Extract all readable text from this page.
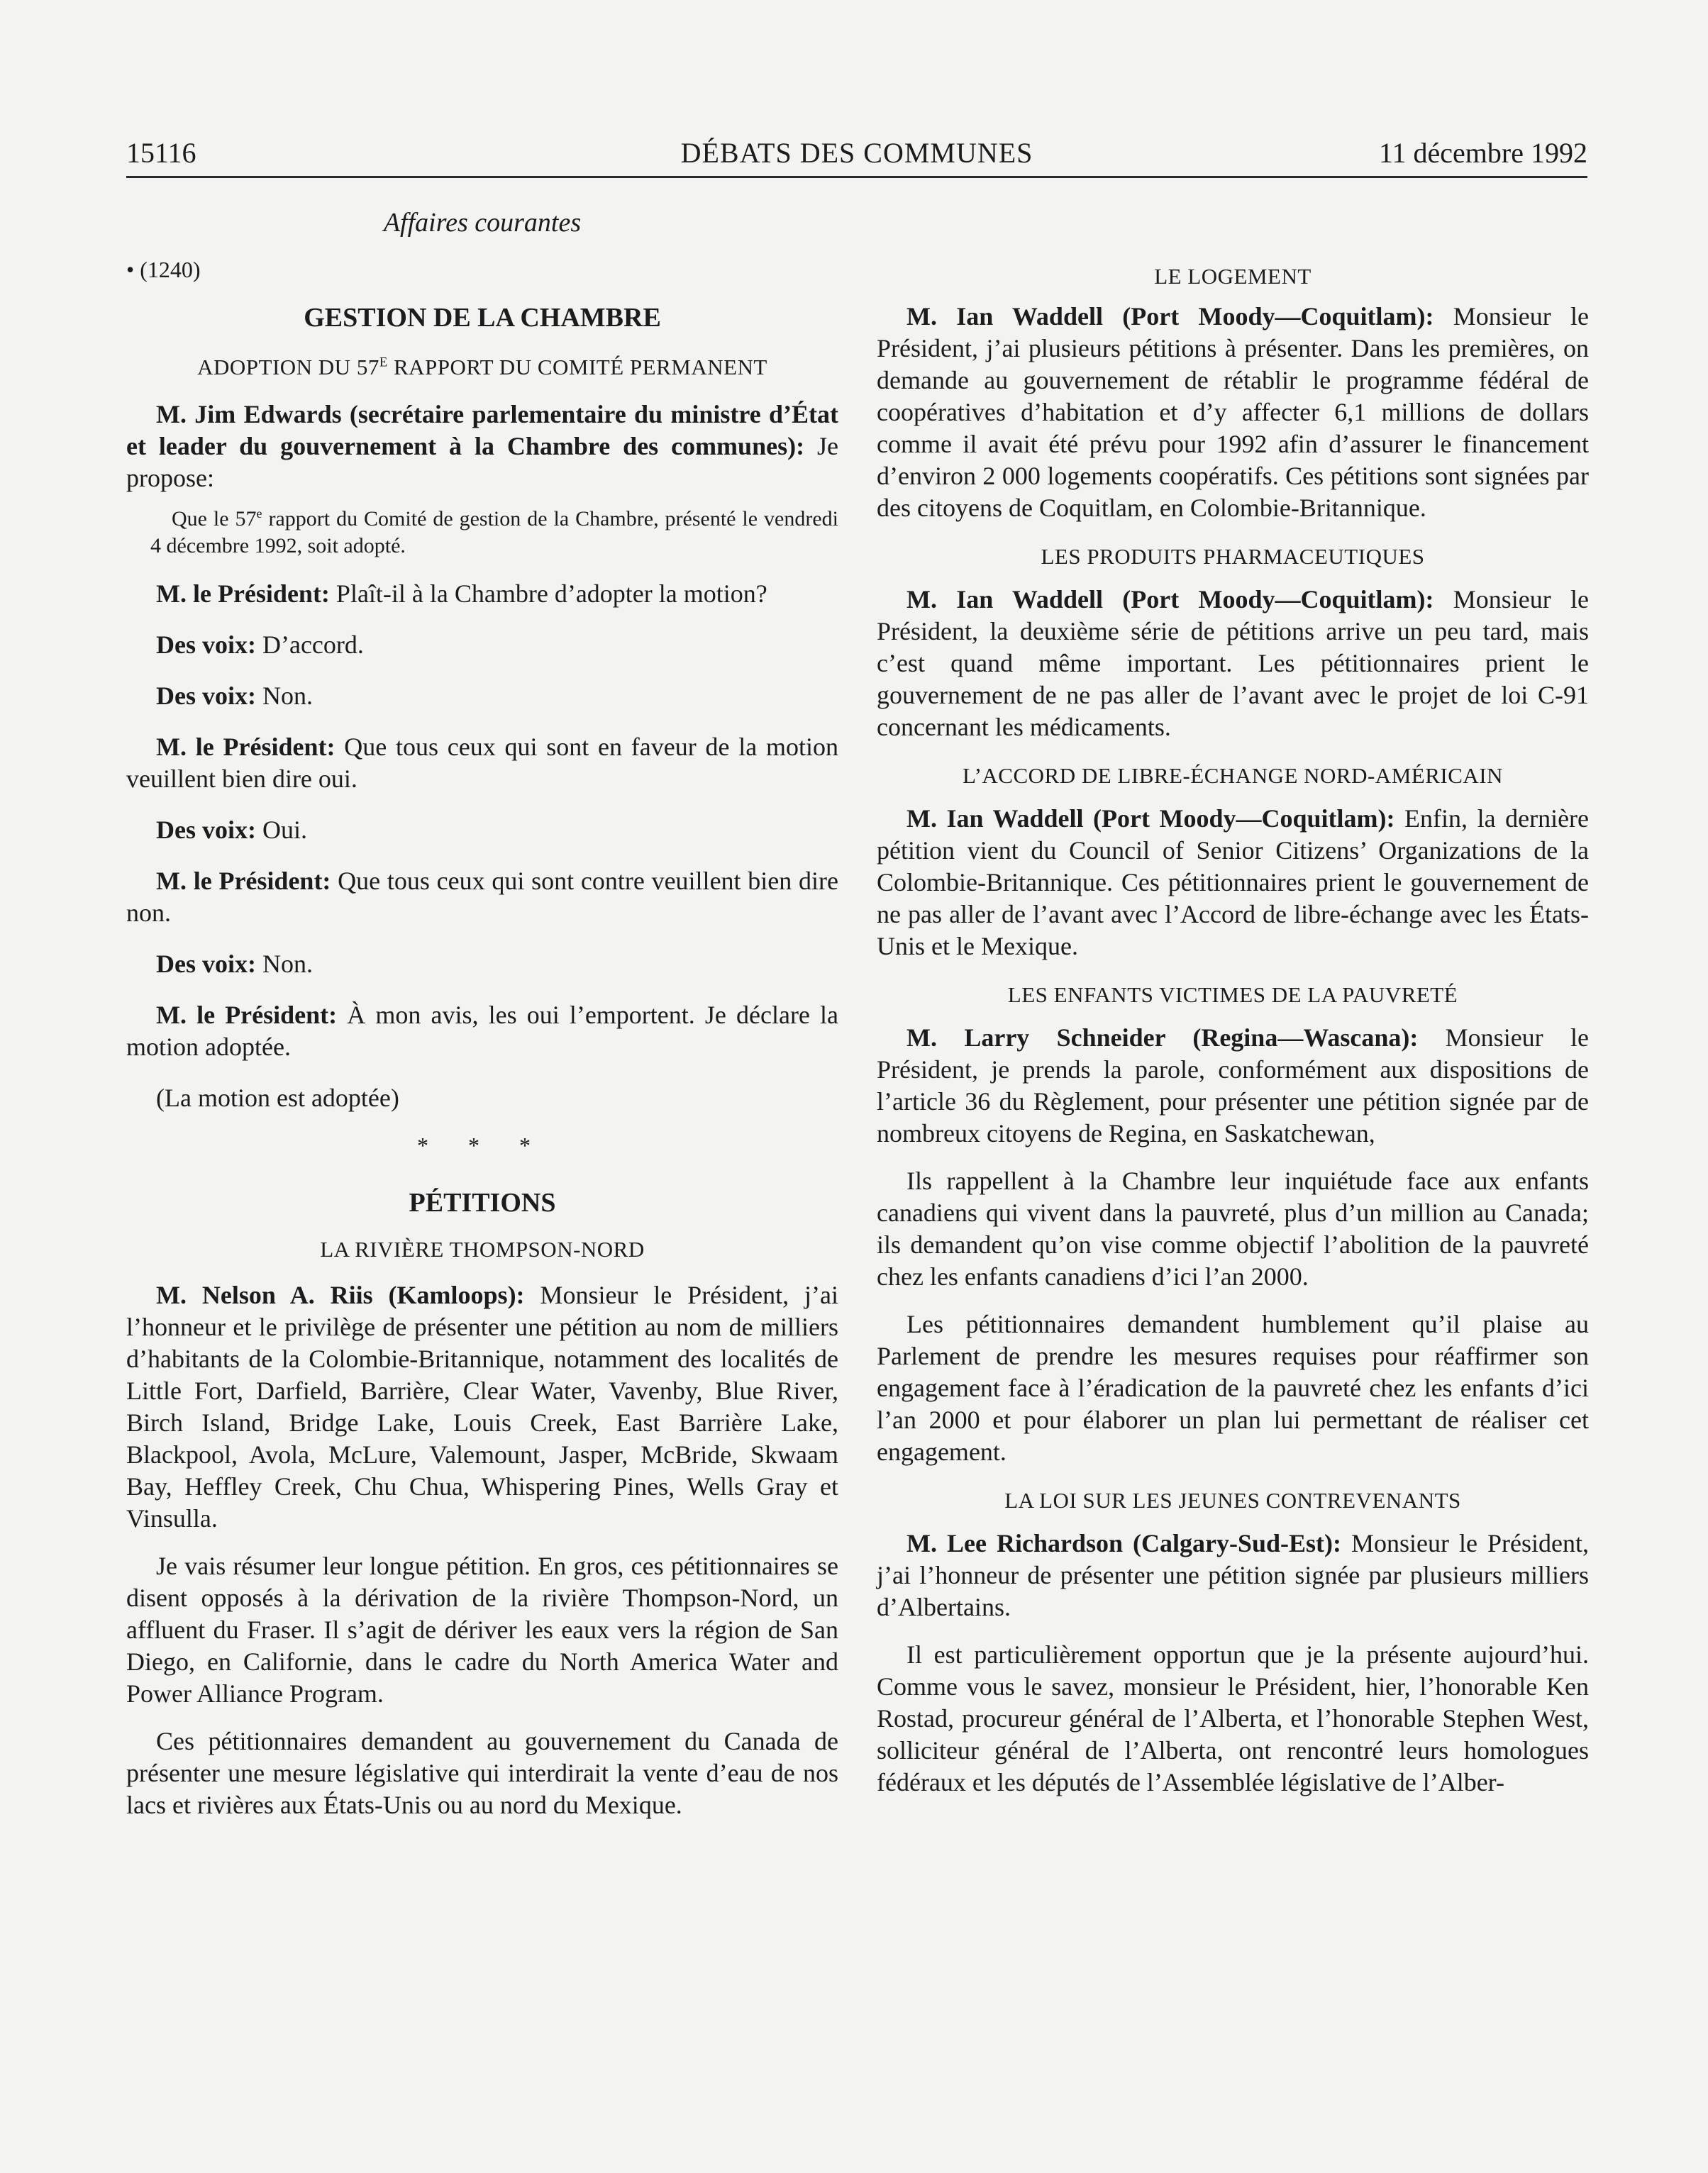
15116	DÉBATS DES COMMUNES	11 décembre 1992

Affaires courantes

• (1240)

GESTION DE LA CHAMBRE

ADOPTION DU $57^E$ RAPPORT DU COMITÉ PERMANENT

M. Jim Edwards (secrétaire parlementaire du ministre d’État et leader du gouvernement à la Chambre des communes): Je propose:

Que le 57e rapport du Comité de gestion de la Chambre, présenté le vendredi 4 décembre 1992, soit adopté.

M. le Président: Plaît-il à la Chambre d’adopter la motion?

Des voix: D’accord.

Des voix: Non.

M. le Président: Que tous ceux qui sont en faveur de la motion veuillent bien dire oui.

Des voix: Oui.

M. le Président: Que tous ceux qui sont contre veuillent bien dire non.

Des voix: Non.

M. le Président: À mon avis, les oui l’emportent. Je déclare la motion adoptée.

(La motion est adoptée)

* * *

PÉTITIONS

LA RIVIÈRE THOMPSON-NORD

M. Nelson A. Riis (Kamloops): Monsieur le Président, j’ai l’honneur et le privilège de présenter une pétition au nom de milliers d’habitants de la Colombie-Britannique, notamment des localités de Little Fort, Darfield, Barrière, Clear Water, Vavenby, Blue River, Birch Island, Bridge Lake, Louis Creek, East Barrière Lake, Blackpool, Avola, McLure, Valemount, Jasper, McBride, Skwaam Bay, Heffley Creek, Chu Chua, Whispering Pines, Wells Gray et Vinsulla.

Je vais résumer leur longue pétition. En gros, ces pétitionnaires se disent opposés à la dérivation de la rivière Thompson-Nord, un affluent du Fraser. Il s’agit de dériver les eaux vers la région de San Diego, en Californie, dans le cadre du North America Water and Power Alliance Program.

Ces pétitionnaires demandent au gouvernement du Canada de présenter une mesure législative qui interdirait la vente d’eau de nos lacs et rivières aux États-Unis ou au nord du Mexique.

LE LOGEMENT

M. Ian Waddell (Port Moody—Coquitlam): Monsieur le Président, j’ai plusieurs pétitions à présenter. Dans les premières, on demande au gouvernement de rétablir le programme fédéral de coopératives d’habitation et d’y affecter 6,1 millions de dollars comme il avait été prévu pour 1992 afin d’assurer le financement d’environ 2 000 logements coopératifs. Ces pétitions sont signées par des citoyens de Coquitlam, en Colombie-Britannique.

LES PRODUITS PHARMACEUTIQUES

M. Ian Waddell (Port Moody—Coquitlam): Monsieur le Président, la deuxième série de pétitions arrive un peu tard, mais c’est quand même important. Les pétitionnaires prient le gouvernement de ne pas aller de l’avant avec le projet de loi C-91 concernant les médicaments.

L’ACCORD DE LIBRE-ÉCHANGE NORD-AMÉRICAIN

M. Ian Waddell (Port Moody—Coquitlam): Enfin, la dernière pétition vient du Council of Senior Citizens’ Organizations de la Colombie-Britannique. Ces pétitionnaires prient le gouvernement de ne pas aller de l’avant avec l’Accord de libre-échange avec les États-Unis et le Mexique.

LES ENFANTS VICTIMES DE LA PAUVRETÉ

M. Larry Schneider (Regina—Wascana): Monsieur le Président, je prends la parole, conformément aux dispositions de l’article 36 du Règlement, pour présenter une pétition signée par de nombreux citoyens de Regina, en Saskatchewan,

Ils rappellent à la Chambre leur inquiétude face aux enfants canadiens qui vivent dans la pauvreté, plus d’un million au Canada; ils demandent qu’on vise comme objectif l’abolition de la pauvreté chez les enfants canadiens d’ici l’an 2000.

Les pétitionnaires demandent humblement qu’il plaise au Parlement de prendre les mesures requises pour réaffirmer son engagement face à l’éradication de la pauvreté chez les enfants d’ici l’an 2000 et pour élaborer un plan lui permettant de réaliser cet engagement.

LA LOI SUR LES JEUNES CONTREVENANTS

M. Lee Richardson (Calgary-Sud-Est): Monsieur le Président, j’ai l’honneur de présenter une pétition signée par plusieurs milliers d’Albertains.

Il est particulièrement opportun que je la présente aujourd’hui. Comme vous le savez, monsieur le Président, hier, l’honorable Ken Rostad, procureur général de l’Alberta, et l’honorable Stephen West, solliciteur général de l’Alberta, ont rencontré leurs homologues fédéraux et les députés de l’Assemblée législative de l’Alber-
